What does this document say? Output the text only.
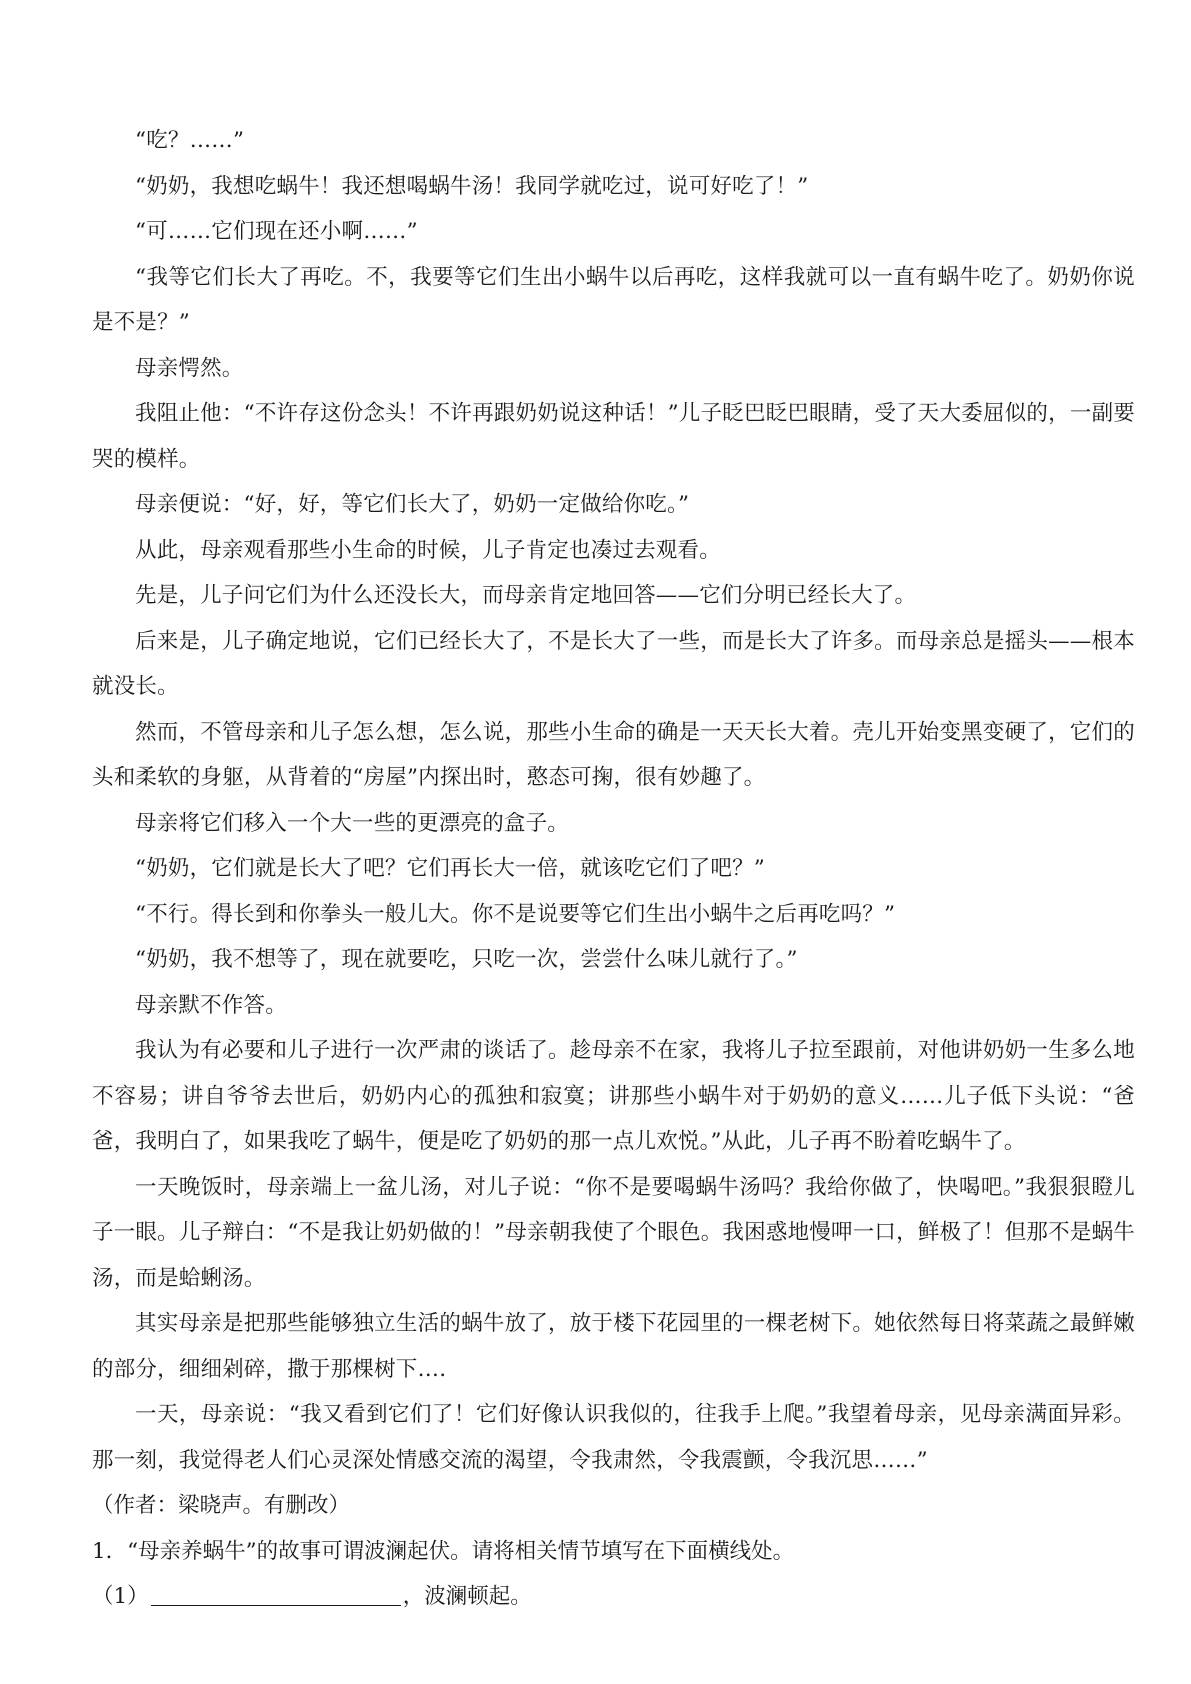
“吃？……”

“奶奶，我想吃蜗牛！我还想喝蜗牛汤！我同学就吃过，说可好吃了！”

“可……它们现在还小啊……”

“我等它们长大了再吃。不，我要等它们生出小蜗牛以后再吃，这样我就可以一直有蜗牛吃了。奶奶你说是不是？”

母亲愕然。

我阻止他：“不许存这份念头！不许再跟奶奶说这种话！”儿子眨巴眨巴眼睛，受了天大委屈似的，一副要哭的模样。

母亲便说：“好，好，等它们长大了，奶奶一定做给你吃。”

从此，母亲观看那些小生命的时候，儿子肯定也凑过去观看。

先是，儿子问它们为什么还没长大，而母亲肯定地回答——它们分明已经长大了。

后来是，儿子确定地说，它们已经长大了，不是长大了一些，而是长大了许多。而母亲总是摇头——根本就没长。

然而，不管母亲和儿子怎么想，怎么说，那些小生命的确是一天天长大着。壳儿开始变黑变硬了，它们的头和柔软的身躯，从背着的“房屋”内探出时，憨态可掬，很有妙趣了。

母亲将它们移入一个大一些的更漂亮的盒子。

“奶奶，它们就是长大了吧？它们再长大一倍，就该吃它们了吧？”

“不行。得长到和你拳头一般儿大。你不是说要等它们生出小蜗牛之后再吃吗？”

“奶奶，我不想等了，现在就要吃，只吃一次，尝尝什么味儿就行了。”

母亲默不作答。

我认为有必要和儿子进行一次严肃的谈话了。趁母亲不在家，我将儿子拉至跟前，对他讲奶奶一生多么地不容易；讲自爷爷去世后，奶奶内心的孤独和寂寞；讲那些小蜗牛对于奶奶的意义……儿子低下头说：“爸爸，我明白了，如果我吃了蜗牛，便是吃了奶奶的那一点儿欢悦。”从此，儿子再不盼着吃蜗牛了。

一天晚饭时，母亲端上一盆儿汤，对儿子说：“你不是要喝蜗牛汤吗？我给你做了，快喝吧。”我狠狠瞪儿子一眼。儿子辩白：“不是我让奶奶做的！”母亲朝我使了个眼色。我困惑地慢呷一口，鲜极了！但那不是蜗牛汤，而是蛤蜊汤。

其实母亲是把那些能够独立生活的蜗牛放了，放于楼下花园里的一棵老树下。她依然每日将菜蔬之最鲜嫩的部分，细细剁碎，撒于那棵树下….

一天，母亲说：“我又看到它们了！它们好像认识我似的，往我手上爬。”我望着母亲，见母亲满面异彩。那一刻，我觉得老人们心灵深处情感交流的渴望，令我肃然，令我震颤，令我沉思……”

（作者：梁晓声。有删改）

1．“母亲养蜗牛”的故事可谓波澜起伏。请将相关情节填写在下面横线处。

（1）	，波澜顿起。
